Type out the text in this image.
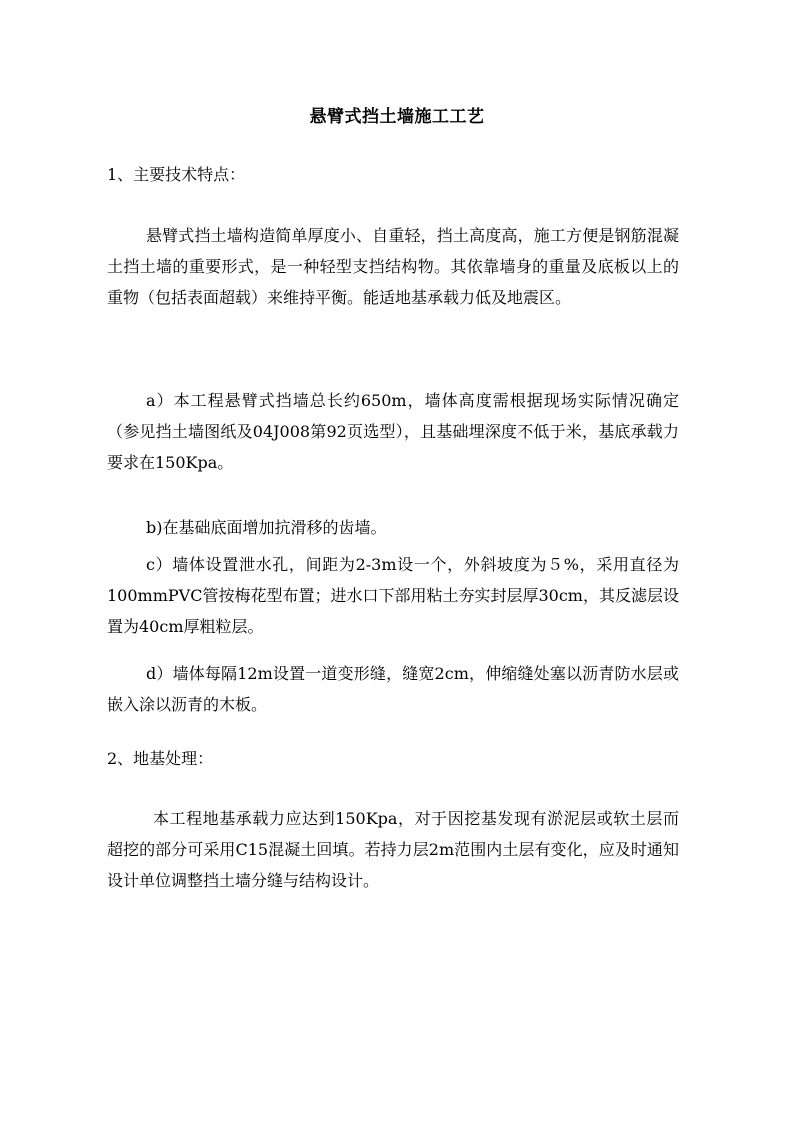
悬臂式挡土墙施工工艺
1、主要技术特点：
悬臂式挡土墙构造简单厚度小、自重轻，挡土高度高，施工方便是钢筋混凝土挡土墙的重要形式，是一种轻型支挡结构物。其依靠墙身的重量及底板以上的重物（包括表面超载）来维持平衡。能适地基承载力低及地震区。
a）本工程悬臂式挡墙总长约650m，墙体高度需根据现场实际情况确定（参见挡土墙图纸及04J008第92页选型），且基础埋深度不低于米，基底承载力要求在150Kpa。
b)在基础底面增加抗滑移的齿墙。
c）墙体设置泄水孔，间距为2-3m设一个，外斜坡度为５%，采用直径为100mmPVC管按梅花型布置；进水口下部用粘土夯实封层厚30cm，其反滤层设置为40cm厚粗粒层。
d）墙体每隔12m设置一道变形缝，缝宽2cm，伸缩缝处塞以沥青防水层或嵌入涂以沥青的木板。
2、地基处理：
本工程地基承载力应达到150Kpa，对于因挖基发现有淤泥层或软土层而超挖的部分可采用C15混凝土回填。若持力层2m范围内土层有变化，应及时通知设计单位调整挡土墙分缝与结构设计。
